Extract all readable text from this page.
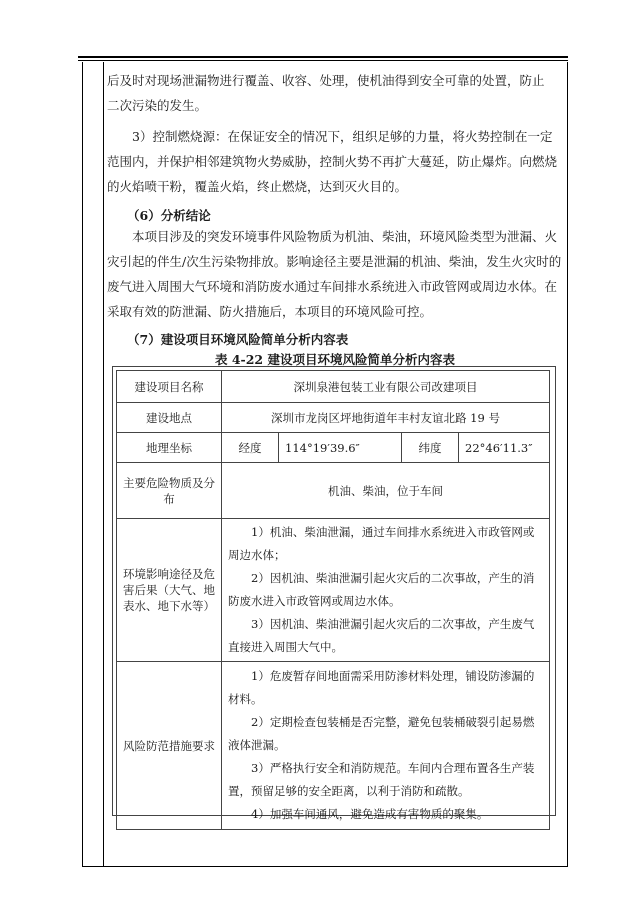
后及时对现场泄漏物进行覆盖、收容、处理，使机油得到安全可靠的处置，防止

二次污染的发生。

3）控制燃烧源：在保证安全的情况下，组织足够的力量，将火势控制在一定范围内，并保护相邻建筑物火势威胁，控制火势不再扩大蔓延，防止爆炸。向燃烧的火焰喷干粉，覆盖火焰，终止燃烧，达到灭火目的。

（6）分析结论

本项目涉及的突发环境事件风险物质为机油、柴油，环境风险类型为泄漏、火灾引起的伴生/次生污染物排放。影响途径主要是泄漏的机油、柴油，发生火灾时的废气进入周围大气环境和消防废水通过车间排水系统进入市政管网或周边水体。在采取有效的防泄漏、防火措施后，本项目的环境风险可控。

（7）建设项目环境风险简单分析内容表
表 4-22 建设项目环境风险简单分析内容表
建设项目名称	深圳泉港包装工业有限公司改建项目			
建设地点	深圳市龙岗区坪地街道年丰村友谊北路 19 号			
地理坐标	经度	114°19′39.6″	纬度	22°46′11.3″
主要危险物质及分布	机油、柴油，位于车间			
环境影响途径及危害后果（大气、地表水、地下水等）	1）机油、柴油泄漏，通过车间排水系统进入市政管网或周边水体；

2）因机油、柴油泄漏引起火灾后的二次事故，产生的消防废水进入市政管网或周边水体。

3）因机油、柴油泄漏引起火灾后的二次事故，产生废气直接进入周围大气中。			

风险防范措施要求	1）危废暂存间地面需采用防渗材料处理，铺设防渗漏的材料。

2）定期检查包装桶是否完整，避免包装桶破裂引起易燃液体泄漏。

3）严格执行安全和消防规范。车间内合理布置各生产装置，预留足够的安全距离，以利于消防和疏散。

4）加强车间通风，避免造成有害物质的聚集。			
